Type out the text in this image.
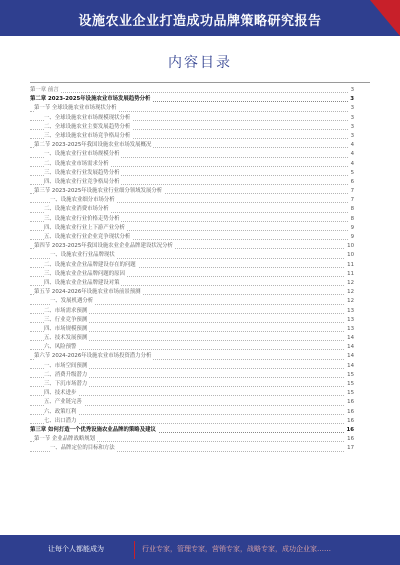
设施农业企业打造成功品牌策略研究报告
内容目录
第一章 前言	3
第二章 2023-2025年设施农业市场发展趋势分析	3
第一节 全球设施农业市场现状分析	3
一、全球设施农业市场规模现状分析	3
二、全球设施农业主要发展趋势分析	3
三、全球设施农业市场竞争格局分析	3
第二节 2023-2025年我国设施农业市场发展概况	4
一、设施农业行业市场规模分析	4
二、设施农业市场需求分析	4
三、设施农业行业发展趋势分析	5
四、设施农业行业竞争格局分析	6
第三节 2023-2025年设施农业行业细分领域发展分析	7
一、设施农业细分市场分析	7
二、设施农业消费市场分析	8
三、设施农业行业价格走势分析	8
四、设施农业行业上下游产业分析	9
五、设施农业行业企业竞争现状分析	9
第四节 2023-2025年我国设施农业企业品牌建设状况分析	10
一、设施农业行业品牌现状	10
二、设施农业企业品牌建设存在的问题	11
三、设施农业企业品牌问题的原因	11
四、设施农业企业品牌建设对策	12
第五节 2024-2026年设施农业市场前景预测	12
一、发展机遇分析	12
二、市场需求预测	13
三、行业竞争预测	13
四、市场规模预测	13
五、技术发展预测	14
六、风险预警	14
第六节 2024-2026年设施农业市场投资潜力分析	14
一、市场空间预测	14
二、消费升级潜力	15
三、下沉市场潜力	15
四、技术进步	15
五、产业链完善	16
六、政策红利	16
七、出口潜力	16
第三章 如何打造一个优秀设施农业品牌的策略及建议	16
第一节 企业品牌战略规划	16
一、品牌定位的目标和方法	17
让每个人都能成为	行业专家，管理专家，营销专家，战略专家，成功企业家……
